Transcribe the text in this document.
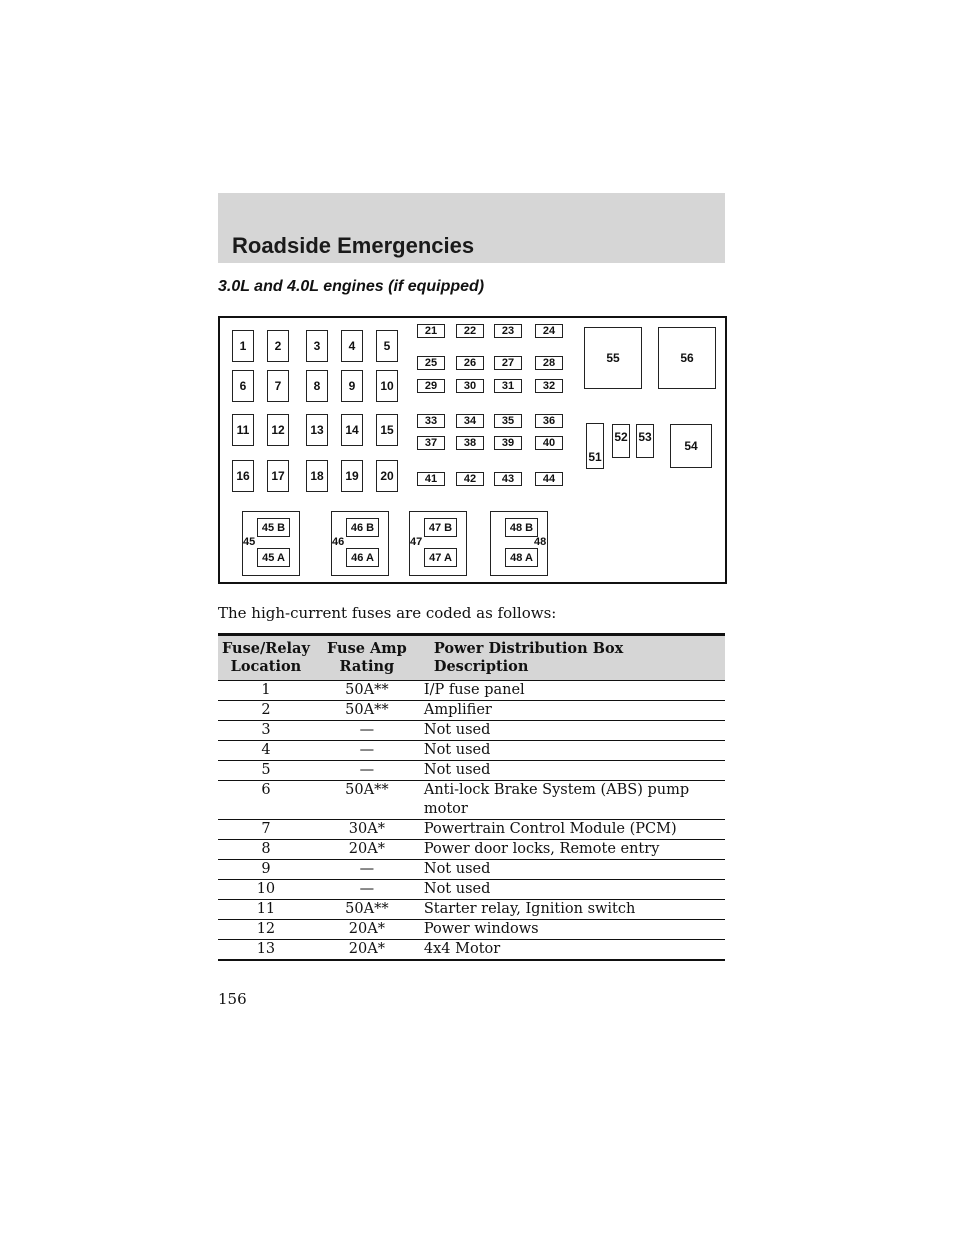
Roadside Emergencies
3.0L and 4.0L engines (if equipped)
1	2	3	4	5
6	7	8	9	10
11	12	13	14	15
16	17	18	19	20
21	22	23	24
25	26	27	28
29	30	31	32
33	34	35	36
37	38	39	40
41	42	43	44
51
52 53
54
55	56
45 B
45 A
45
46 B
46 A
46
47 B
47 A
47
48 B
48 A
48
The high-current fuses are coded as follows:
Fuse/Relay Location	Fuse Amp Rating	Power Distribution Box Description
1	50A**	I/P fuse panel
2	50A**	Amplifier
3	—	Not used
4	—	Not used
5	—	Not used
6	50A**	Anti-lock Brake System (ABS) pump motor
7	30A*	Powertrain Control Module (PCM)
8	20A*	Power door locks, Remote entry
9	—	Not used
10	—	Not used
11	50A**	Starter relay, Ignition switch
12	20A*	Power windows
13	20A*	4x4 Motor
156
